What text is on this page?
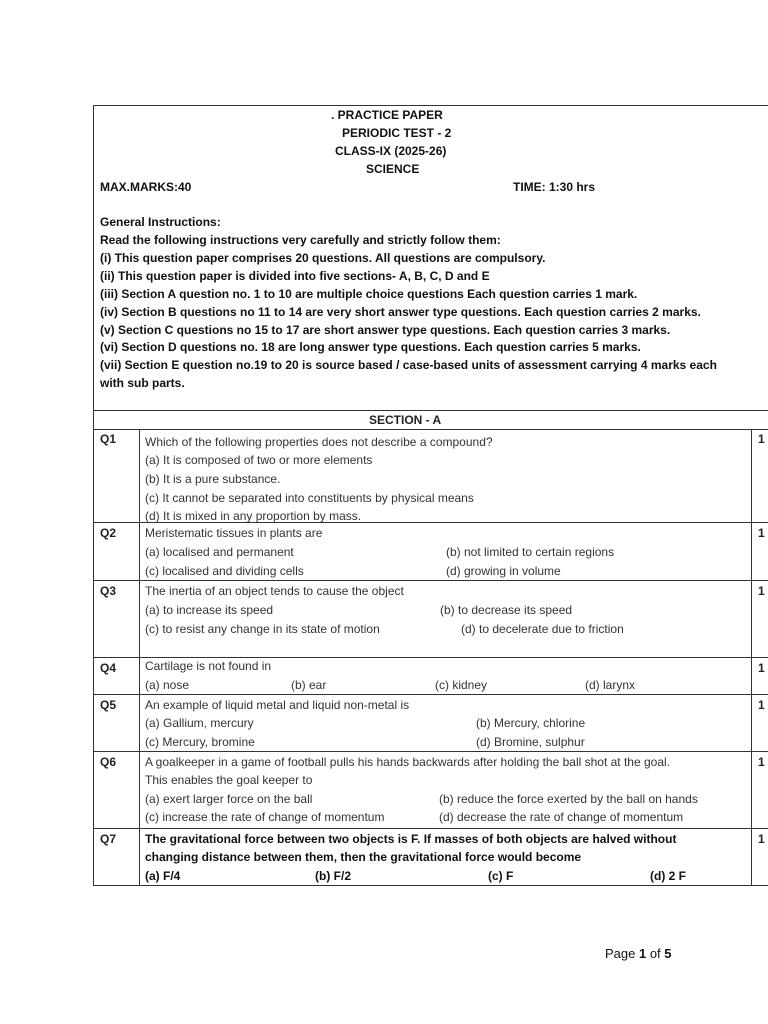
. PRACTICE PAPER
PERIODIC TEST - 2
CLASS-IX (2025-26)
SCIENCE
MAX.MARKS:40	TIME: 1:30 hrs
General Instructions:
Read the following instructions very carefully and strictly follow them:
(i) This question paper comprises 20 questions. All questions are compulsory.
(ii) This question paper is divided into five sections- A, B, C, D and E
(iii) Section A question no. 1 to 10 are multiple choice questions Each question carries 1 mark.
(iv) Section B questions no 11 to 14 are very short answer type questions. Each question carries 2 marks.
(v) Section C questions no 15 to 17 are short answer type questions. Each question carries 3 marks.
(vi) Section D questions no. 18 are long answer type questions. Each question carries 5 marks.
(vii) Section E question no.19 to 20 is source based / case-based units of assessment carrying 4 marks each
with sub parts.
SECTION - A
Q1 Which of the following properties does not describe a compound?
(a) It is composed of two or more elements
(b) It is a pure substance.
(c) It cannot be separated into constituents by physical means
(d) It is mixed in any proportion by mass.
1
Q2 Meristematic tissues in plants are
(a) localised and permanent	(b) not limited to certain regions
(c) localised and dividing cells	(d) growing in volume
1
Q3 The inertia of an object tends to cause the object
(a) to increase its speed	(b) to decrease its speed
(c) to resist any change in its state of motion	(d) to decelerate due to friction
1
Q4 Cartilage is not found in
(a) nose	(b) ear	(c) kidney	(d) larynx
1
Q5 An example of liquid metal and liquid non-metal is
(a) Gallium, mercury	(b) Mercury, chlorine
(c) Mercury, bromine	(d) Bromine, sulphur
1
Q6 A goalkeeper in a game of football pulls his hands backwards after holding the ball shot at the goal.
This enables the goal keeper to
(a) exert larger force on the ball	(b) reduce the force exerted by the ball on hands
(c) increase the rate of change of momentum	(d) decrease the rate of change of momentum
1
Q7 The gravitational force between two objects is F. If masses of both objects are halved without
changing distance between them, then the gravitational force would become
(a) F/4	(b) F/2	(c) F	(d) 2 F
1
Page 1 of 5
